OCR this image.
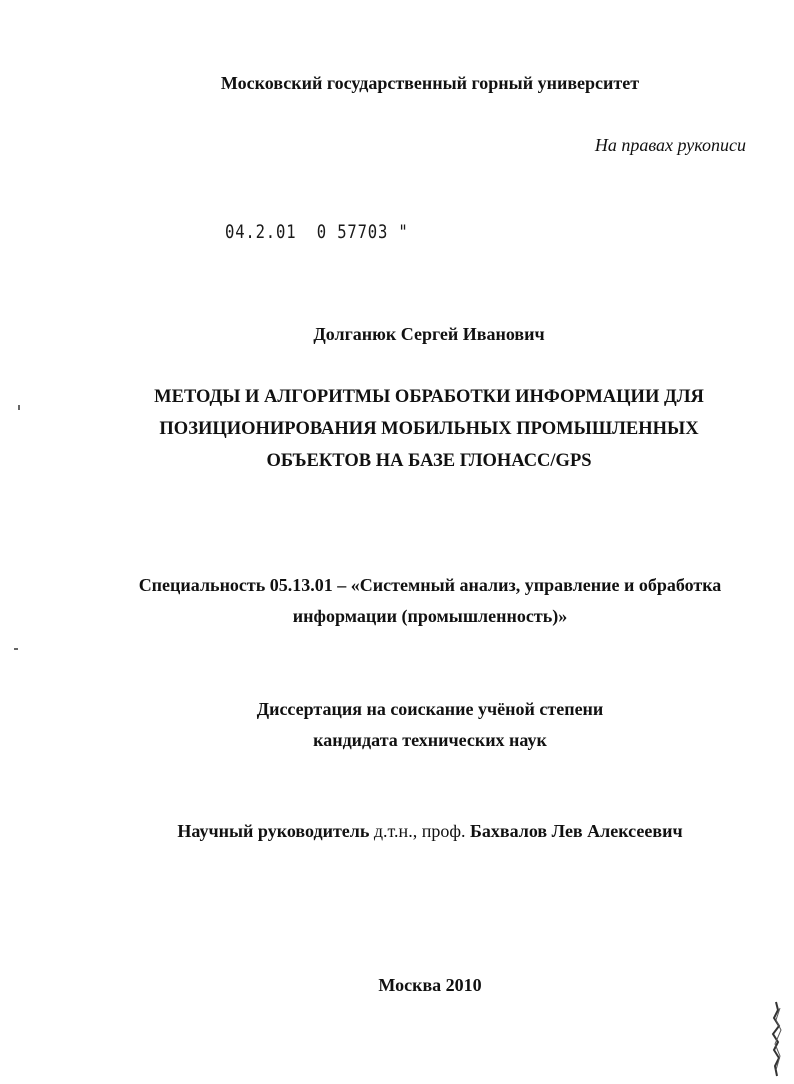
Московский государственный горный университет
На правах рукописи
04.2.01  0 57703 "
Долганюк Сергей Иванович
МЕТОДЫ И АЛГОРИТМЫ ОБРАБОТКИ ИНФОРМАЦИИ ДЛЯ
ПОЗИЦИОНИРОВАНИЯ МОБИЛЬНЫХ ПРОМЫШЛЕННЫХ
ОБЪЕКТОВ НА БАЗЕ ГЛОНАСС/GPS
Специальность 05.13.01 – «Системный анализ, управление и обработка
информации (промышленность)»
Диссертация на соискание учёной степени
кандидата технических наук
Научный руководитель д.т.н., проф. Бахвалов Лев Алексеевич
Москва 2010
